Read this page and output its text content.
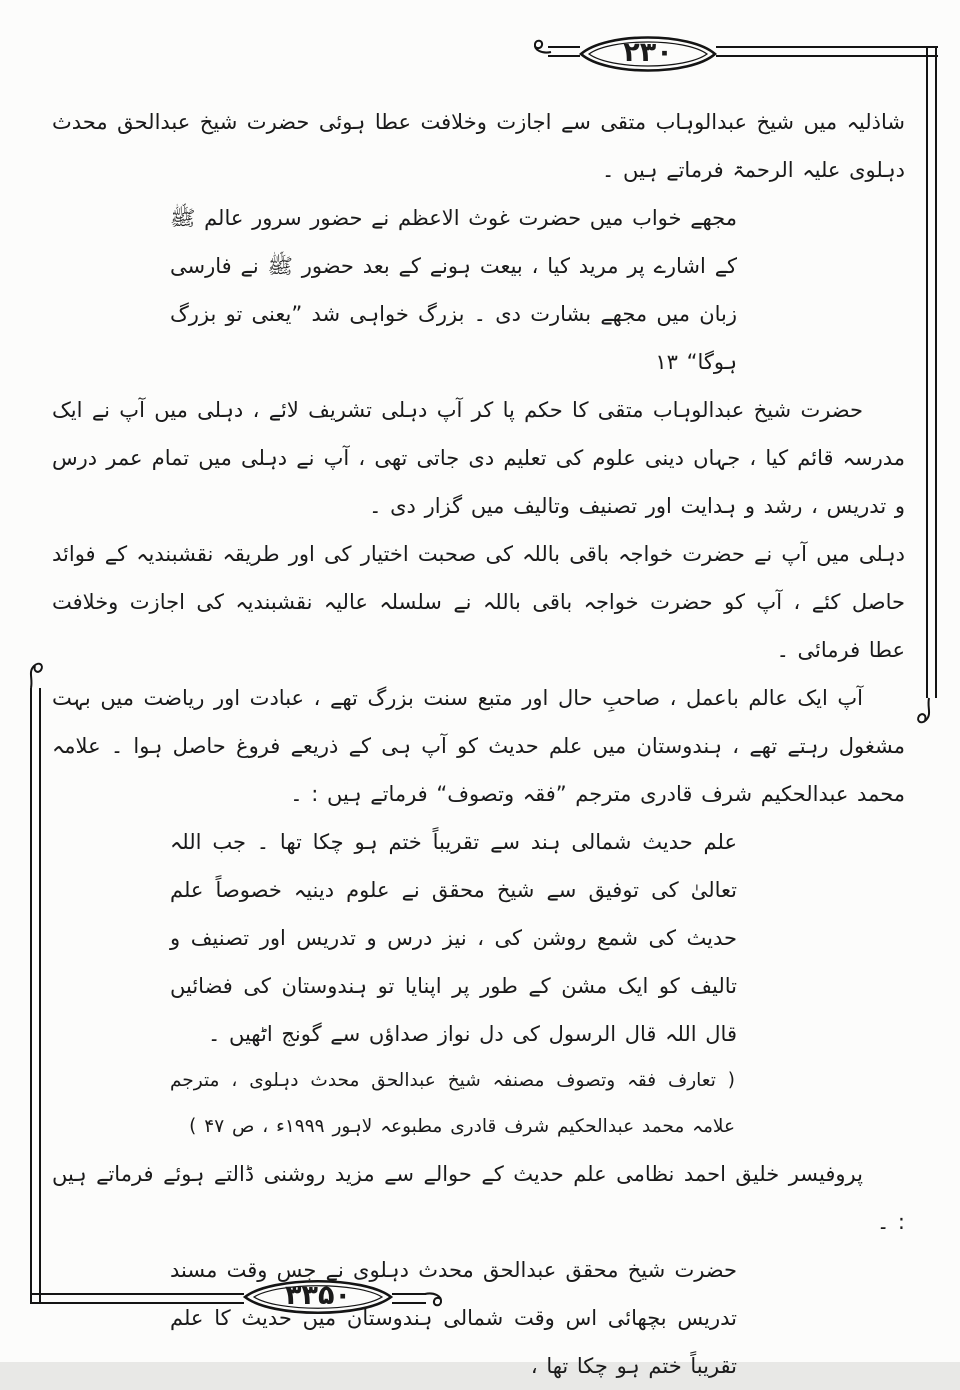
۲۳۰
۳۳۵۰

شاذلیہ میں شیخ عبدالوہاب متقی سے اجازت وخلافت عطا ہوئی حضرت شیخ عبدالحق محدث دہلوی علیہ الرحمۃ فرماتے ہیں ۔

مجھے خواب میں حضرت غوث الاعظم نے حضور سرور عالم ﷺ کے اشارے پر مرید کیا ، بیعت ہونے کے بعد حضور ﷺ نے فارسی زبان میں مجھے بشارت دی ۔ بزرگ خواہی شد ”یعنی تو بزرگ ہوگا“ ۱۳

حضرت شیخ عبدالوہاب متقی کا حکم پا کر آپ دہلی تشریف لائے ، دہلی میں آپ نے ایک مدرسہ قائم کیا ، جہاں دینی علوم کی تعلیم دی جاتی تھی ، آپ نے دہلی میں تمام عمر درس و تدریس ، رشد و ہدایت اور تصنیف وتالیف میں گزار دی ۔

دہلی میں آپ نے حضرت خواجہ باقی باللہ کی صحبت اختیار کی اور طریقہ نقشبندیہ کے فوائد حاصل کئے ، آپ کو حضرت خواجہ باقی باللہ نے سلسلہ عالیہ نقشبندیہ کی اجازت وخلافت عطا فرمائی ۔

آپ ایک عالم باعمل ، صاحبِ حال اور متبع سنت بزرگ تھے ، عبادت اور ریاضت میں بہت مشغول رہتے تھے ، ہندوستان میں علم حدیث کو آپ ہی کے ذریعے فروغ حاصل ہوا ۔ علامہ محمد عبدالحکیم شرف قادری مترجم ”فقہ وتصوف“ فرماتے ہیں : ۔

علم حدیث شمالی ہند سے تقریباً ختم ہو چکا تھا ۔ جب اللہ تعالیٰ کی توفیق سے شیخ محقق نے علوم دینیہ خصوصاً علم حدیث کی شمع روشن کی ، نیز درس و تدریس اور تصنیف و تالیف کو ایک مشن کے طور پر اپنایا تو ہندوستان کی فضائیں قال اللہ قال الرسول کی دل نواز صداؤں سے گونج اٹھیں ۔

( تعارف فقہ وتصوف مصنفہ شیخ عبدالحق محدث دہلوی ، مترجم علامہ محمد عبدالحکیم شرف قادری مطبوعہ لاہور ۱۹۹۹ء ، ص ۴۷ )

پروفیسر خلیق احمد نظامی علم حدیث کے حوالے سے مزید روشنی ڈالتے ہوئے فرماتے ہیں : ۔

حضرت شیخ محقق عبدالحق محدث دہلوی نے جس وقت مسند تدریس بچھائی اس وقت شمالی ہندوستان میں حدیث کا علم تقریباً ختم ہو چکا تھا ،
